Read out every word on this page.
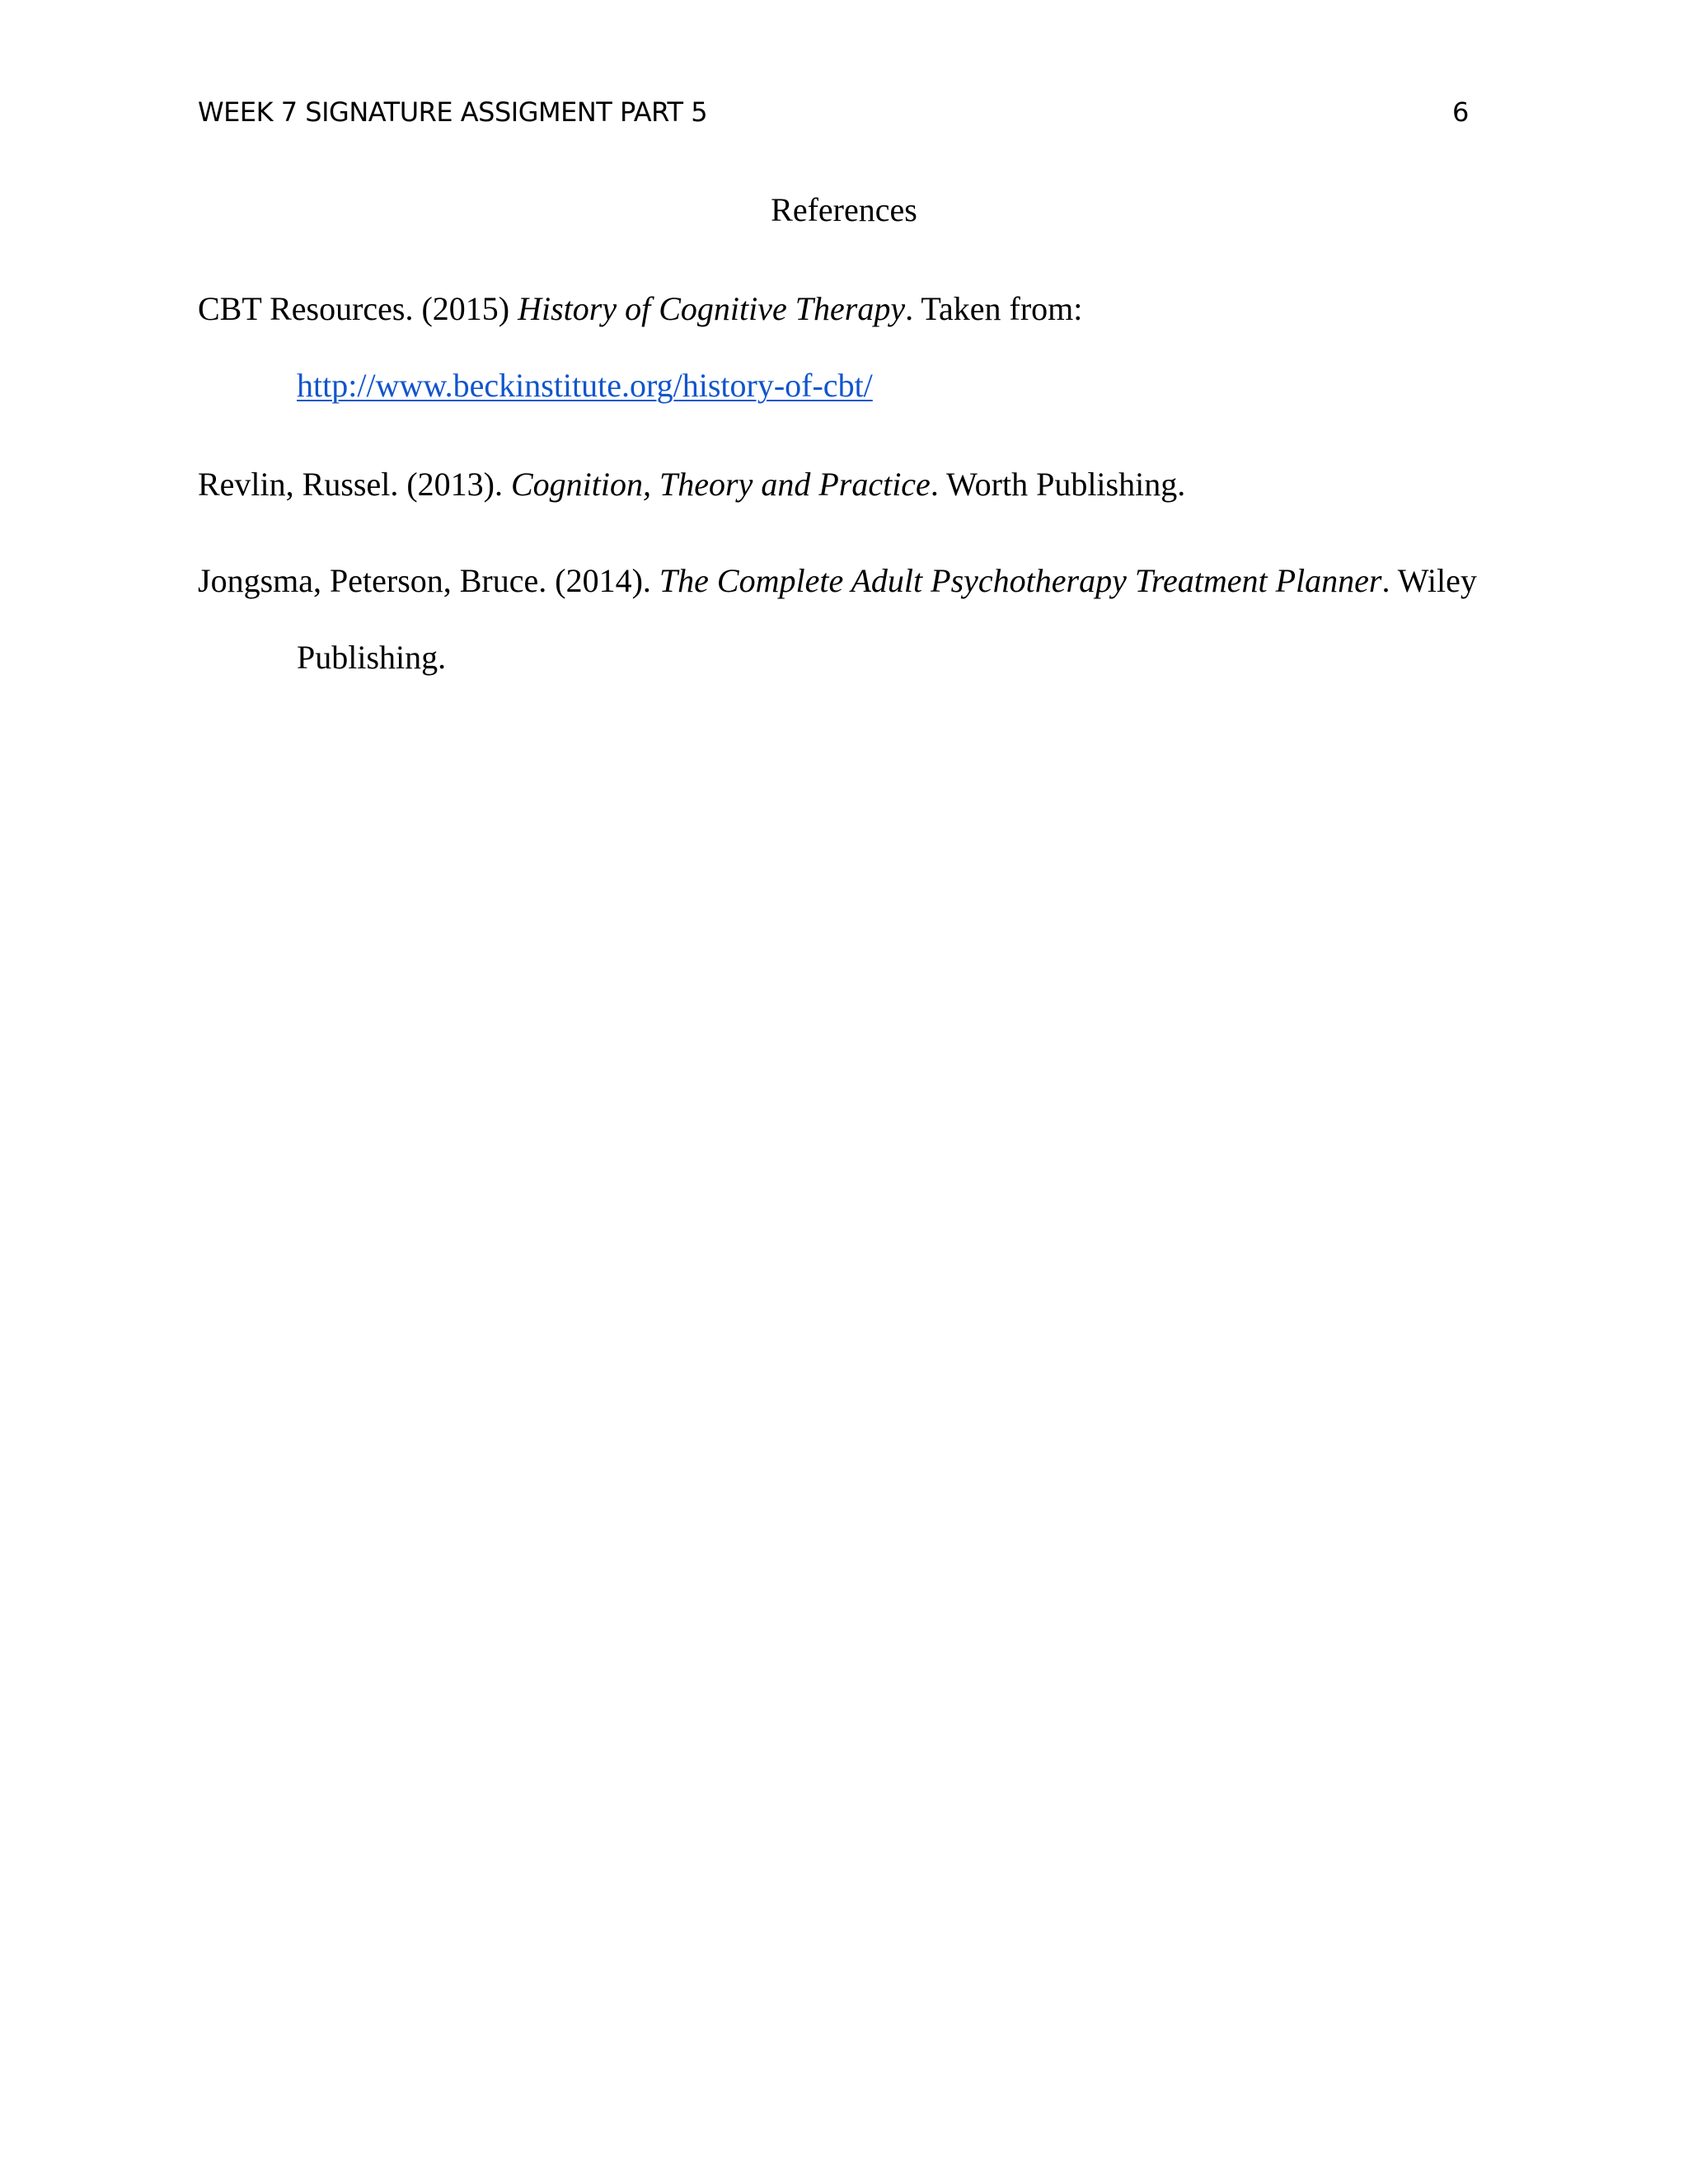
WEEK 7 SIGNATURE ASSIGMENT PART 5	6
References

CBT Resources. (2015) History of Cognitive Therapy. Taken from:

http://www.beckinstitute.org/history-of-cbt/

Revlin, Russel. (2013). Cognition, Theory and Practice. Worth Publishing.

Jongsma, Peterson, Bruce. (2014). The Complete Adult Psychotherapy Treatment Planner. Wiley

Publishing.
